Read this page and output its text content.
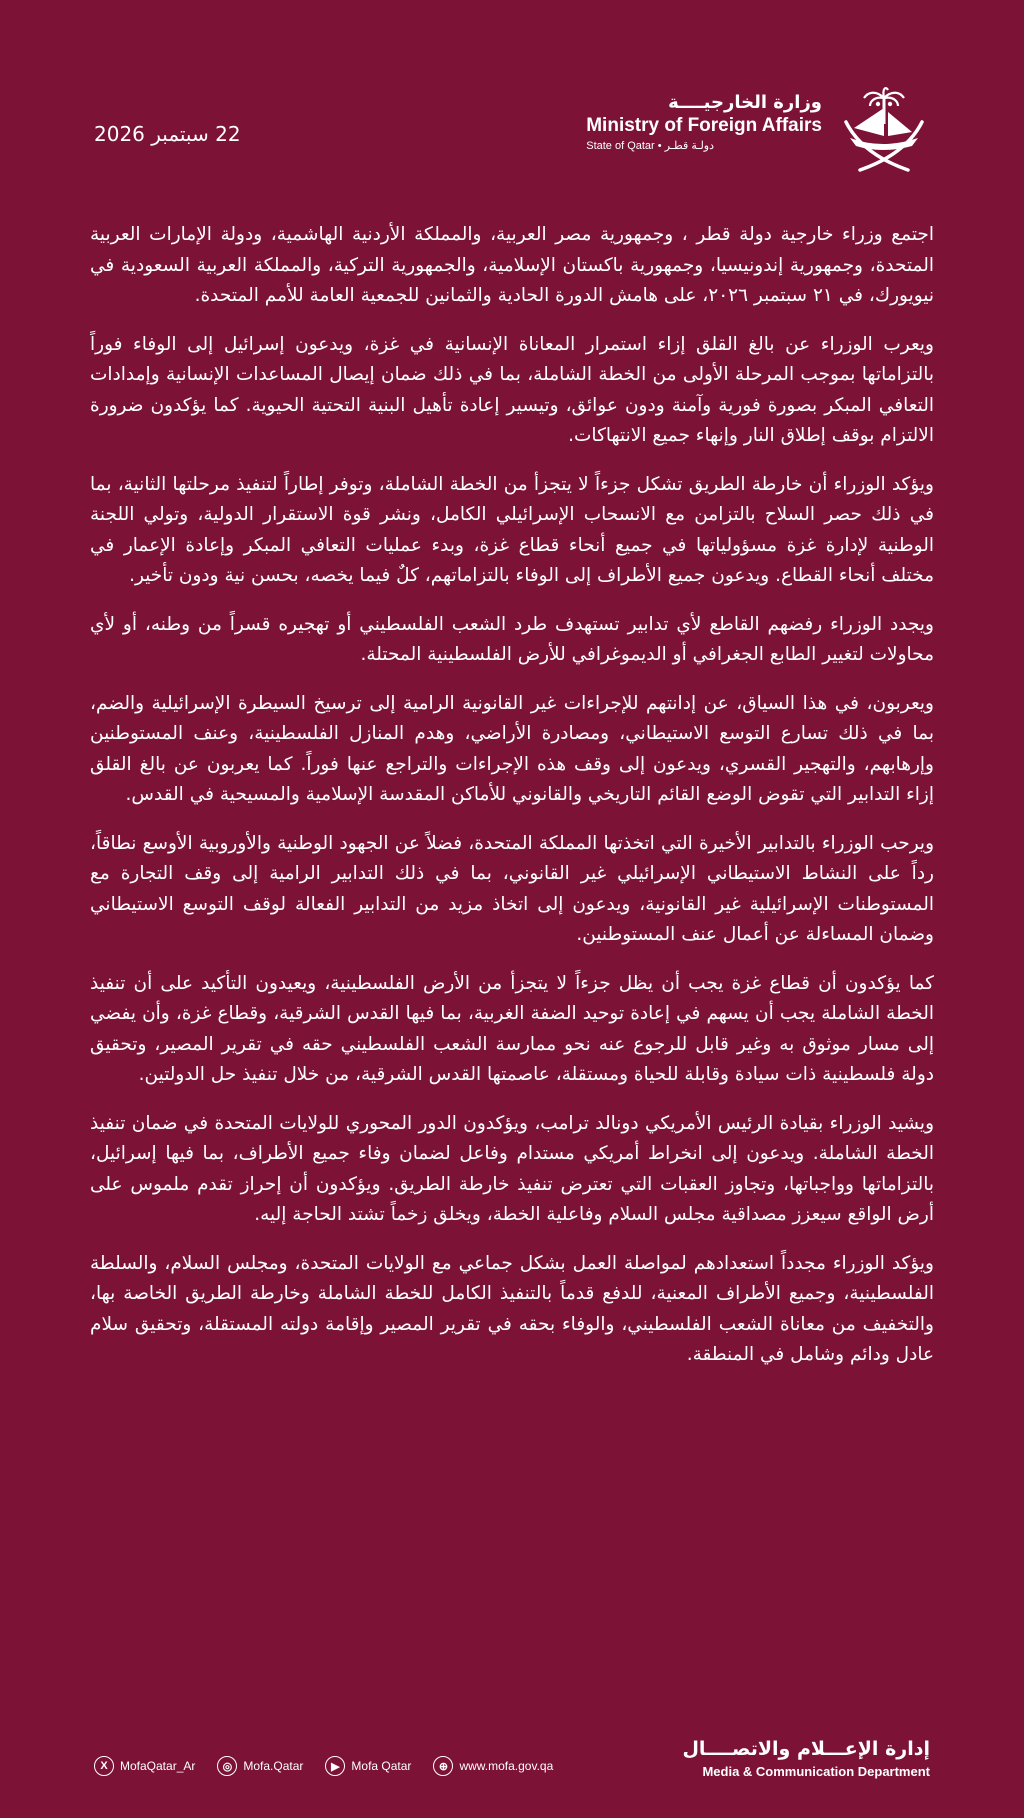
22 سبتمبر 2026
وزارة الخارجيــــة
Ministry of Foreign Affairs
State of Qatar • دولـة قطـر

اجتمع وزراء خارجية دولة قطر ، وجمهورية مصر العربية، والمملكة الأردنية الهاشمية، ودولة الإمارات العربية المتحدة، وجمهورية إندونيسيا، وجمهورية باكستان الإسلامية، والجمهورية التركية، والمملكة العربية السعودية في نيويورك، في ٢١ سبتمبر ٢٠٢٦، على هامش الدورة الحادية والثمانين للجمعية العامة للأمم المتحدة.

ويعرب الوزراء عن بالغ القلق إزاء استمرار المعاناة الإنسانية في غزة، ويدعون إسرائيل إلى الوفاء فوراً بالتزاماتها بموجب المرحلة الأولى من الخطة الشاملة، بما في ذلك ضمان إيصال المساعدات الإنسانية وإمدادات التعافي المبكر بصورة فورية وآمنة ودون عوائق، وتيسير إعادة تأهيل البنية التحتية الحيوية. كما يؤكدون ضرورة الالتزام بوقف إطلاق النار وإنهاء جميع الانتهاكات.

ويؤكد الوزراء أن خارطة الطريق تشكل جزءاً لا يتجزأ من الخطة الشاملة، وتوفر إطاراً لتنفيذ مرحلتها الثانية، بما في ذلك حصر السلاح بالتزامن مع الانسحاب الإسرائيلي الكامل، ونشر قوة الاستقرار الدولية، وتولي اللجنة الوطنية لإدارة غزة مسؤولياتها في جميع أنحاء قطاع غزة، وبدء عمليات التعافي المبكر وإعادة الإعمار في مختلف أنحاء القطاع. ويدعون جميع الأطراف إلى الوفاء بالتزاماتهم، كلٌ فيما يخصه، بحسن نية ودون تأخير.

ويجدد الوزراء رفضهم القاطع لأي تدابير تستهدف طرد الشعب الفلسطيني أو تهجيره قسراً من وطنه، أو لأي محاولات لتغيير الطابع الجغرافي أو الديموغرافي للأرض الفلسطينية المحتلة.

ويعربون، في هذا السياق، عن إدانتهم للإجراءات غير القانونية الرامية إلى ترسيخ السيطرة الإسرائيلية والضم، بما في ذلك تسارع التوسع الاستيطاني، ومصادرة الأراضي، وهدم المنازل الفلسطينية، وعنف المستوطنين وإرهابهم، والتهجير القسري، ويدعون إلى وقف هذه الإجراءات والتراجع عنها فوراً. كما يعربون عن بالغ القلق إزاء التدابير التي تقوض الوضع القائم التاريخي والقانوني للأماكن المقدسة الإسلامية والمسيحية في القدس.

ويرحب الوزراء بالتدابير الأخيرة التي اتخذتها المملكة المتحدة، فضلاً عن الجهود الوطنية والأوروبية الأوسع نطاقاً، رداً على النشاط الاستيطاني الإسرائيلي غير القانوني، بما في ذلك التدابير الرامية إلى وقف التجارة مع المستوطنات الإسرائيلية غير القانونية، ويدعون إلى اتخاذ مزيد من التدابير الفعالة لوقف التوسع الاستيطاني وضمان المساءلة عن أعمال عنف المستوطنين.

كما يؤكدون أن قطاع غزة يجب أن يظل جزءاً لا يتجزأ من الأرض الفلسطينية، ويعيدون التأكيد على أن تنفيذ الخطة الشاملة يجب أن يسهم في إعادة توحيد الضفة الغربية، بما فيها القدس الشرقية، وقطاع غزة، وأن يفضي إلى مسار موثوق به وغير قابل للرجوع عنه نحو ممارسة الشعب الفلسطيني حقه في تقرير المصير، وتحقيق دولة فلسطينية ذات سيادة وقابلة للحياة ومستقلة، عاصمتها القدس الشرقية، من خلال تنفيذ حل الدولتين.

ويشيد الوزراء بقيادة الرئيس الأمريكي دونالد ترامب، ويؤكدون الدور المحوري للولايات المتحدة في ضمان تنفيذ الخطة الشاملة. ويدعون إلى انخراط أمريكي مستدام وفاعل لضمان وفاء جميع الأطراف، بما فيها إسرائيل، بالتزاماتها وواجباتها، وتجاوز العقبات التي تعترض تنفيذ خارطة الطريق. ويؤكدون أن إحراز تقدم ملموس على أرض الواقع سيعزز مصداقية مجلس السلام وفاعلية الخطة، ويخلق زخماً تشتد الحاجة إليه.

ويؤكد الوزراء مجدداً استعدادهم لمواصلة العمل بشكل جماعي مع الولايات المتحدة، ومجلس السلام، والسلطة الفلسطينية، وجميع الأطراف المعنية، للدفع قدماً بالتنفيذ الكامل للخطة الشاملة وخارطة الطريق الخاصة بها، والتخفيف من معاناة الشعب الفلسطيني، والوفاء بحقه في تقرير المصير وإقامة دولته المستقلة، وتحقيق سلام عادل ودائم وشامل في المنطقة.

إدارة الإعـــلام والاتصــــال
Media & Communication Department
X	MofaQatar_Ar	◎ Mofa.Qatar	▶ Mofa Qatar	⊕ www.mofa.gov.qa
